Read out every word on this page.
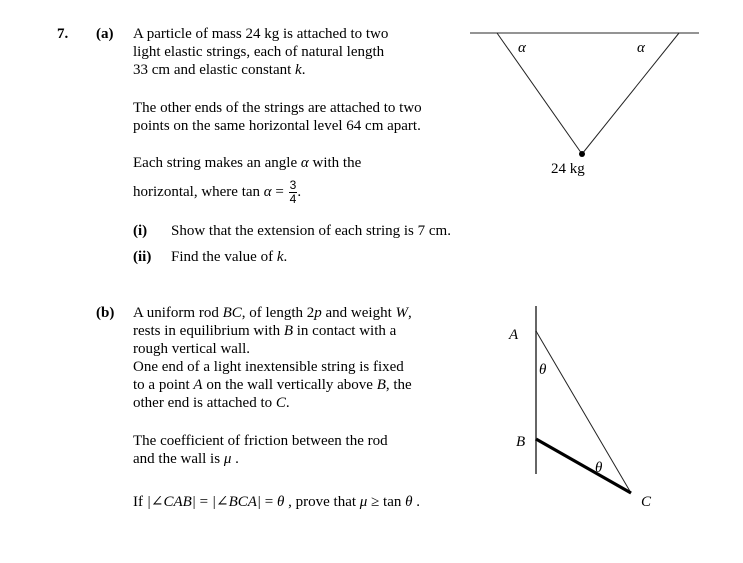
7. (a) A particle of mass 24 kg is attached to two
light elastic strings, each of natural length
33 cm and elastic constant k.
The other ends of the strings are attached to two
points on the same horizontal level 64 cm apart.
Each string makes an angle α with the
horizontal, where $\tan \alpha = \frac{3}{4}$ .
(i) Show that the extension of each string is 7 cm.
(ii) Find the value of k.
(b) A uniform rod BC, of length 2p and weight W,
rests in equilibrium with B in contact with a
rough vertical wall.
One end of a light inextensible string is fixed
to a point A on the wall vertically above B, the
other end is attached to C.
The coefficient of friction between the rod
and the wall is μ .
If |∠CAB| = |∠BCA| = θ , prove that μ ≥ tan θ .
α	α
24 kg
A
B
C
θ
θ
